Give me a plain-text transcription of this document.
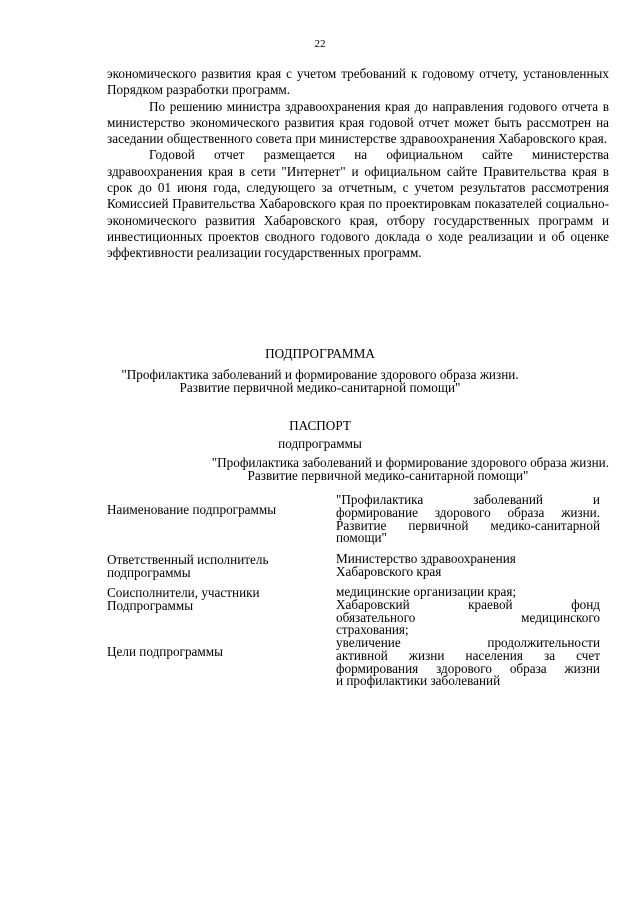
22

экономического развития края с учетом требований к годовому отчету, установленных Порядком разработки программ.

По решению министра здравоохранения края до направления годового отчета в министерство экономического развития края годовой отчет может быть рассмотрен на заседании общественного совета при министерстве здравоохранения Хабаровского края.

Годовой отчет размещается на официальном сайте министерства здравоохранения края в сети "Интернет" и официальном сайте Правительства края в срок до 01 июня года, следующего за отчетным, с учетом результатов рассмотрения Комиссией Правительства Хабаровского края по проектировкам показателей социально-экономического развития Хабаровского края, отбору государственных программ и инвестиционных проектов сводного годового доклада о ходе реализации и об оценке эффективности реализации государственных программ.

ПОДПРОГРАММА
"Профилактика заболеваний и формирование здорового образа жизни.
Развитие первичной медико-санитарной помощи"
ПАСПОРТ
подпрограммы
"Профилактика заболеваний и формирование здорового образа жизни.
Развитие первичной медико-санитарной помощи"
Наименование подпрограммы
"Профилактика заболеваний и
формирование здорового образа жизни.
Развитие первичной медико-санитарной
помощи"
Ответственный исполнитель
подпрограммы
Министерство здравоохранения
Хабаровского края
Соисполнители, участники
Подпрограммы
медицинские организации края;
Хабаровский краевой фонд
обязательного медицинского
страхования;
Цели подпрограммы
увеличение продолжительности
активной жизни населения за счет
формирования здорового образа жизни
и профилактики заболеваний
